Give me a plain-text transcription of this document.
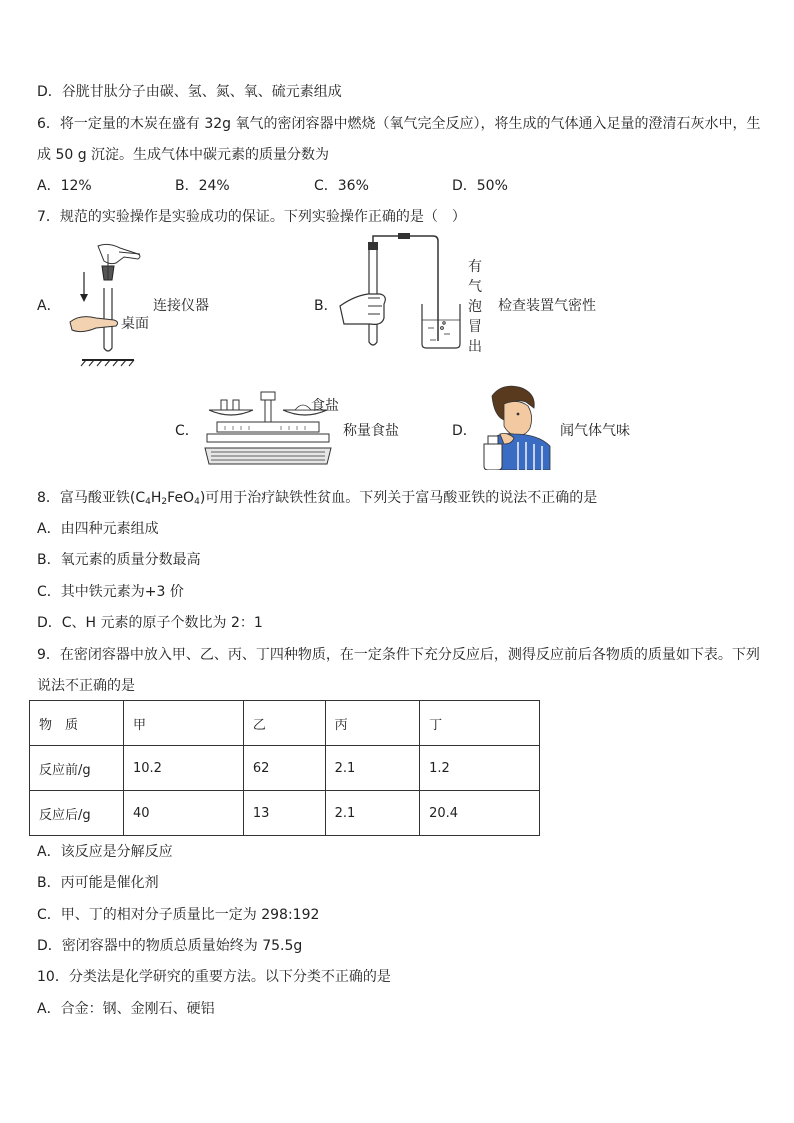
D．谷胱甘肽分子由碳、氢、氮、氧、硫元素组成
6．将一定量的木炭在盛有 32g 氧气的密闭容器中燃烧（氧气完全反应），将生成的气体通入足量的澄清石灰水中，生
成 50 g 沉淀。生成气体中碳元素的质量分数为
A．12%	B．24%	C．36%	D．50%
7．规范的实验操作是实验成功的保证。下列实验操作正确的是（　）
A．
桌面
连接仪器	B．
有
气
泡
冒
出
检查装置气密性
C．
食盐
称量食盐	D．	闻气体气味
8．富马酸亚铁$(C_4H_2FeO_4)$可用于治疗缺铁性贫血。下列关于富马酸亚铁的说法不正确的是
A．由四种元素组成
B．氧元素的质量分数最高
C．其中铁元素为+3 价
D．C、H 元素的原子个数比为 2：1
9．在密闭容器中放入甲、乙、丙、丁四种物质，在一定条件下充分反应后，测得反应前后各物质的质量如下表。下列
说法不正确的是
物　质	甲	乙	丙	丁
反应前/g	10.2	62	2.1	1.2
反应后/g	40	13	2.1	20.4
A．该反应是分解反应
B．丙可能是催化剂
C．甲、丁的相对分子质量比一定为 298:192
D．密闭容器中的物质总质量始终为 75.5g
10．分类法是化学研究的重要方法。以下分类不正确的是
A．合金：钢、金刚石、硬铝
